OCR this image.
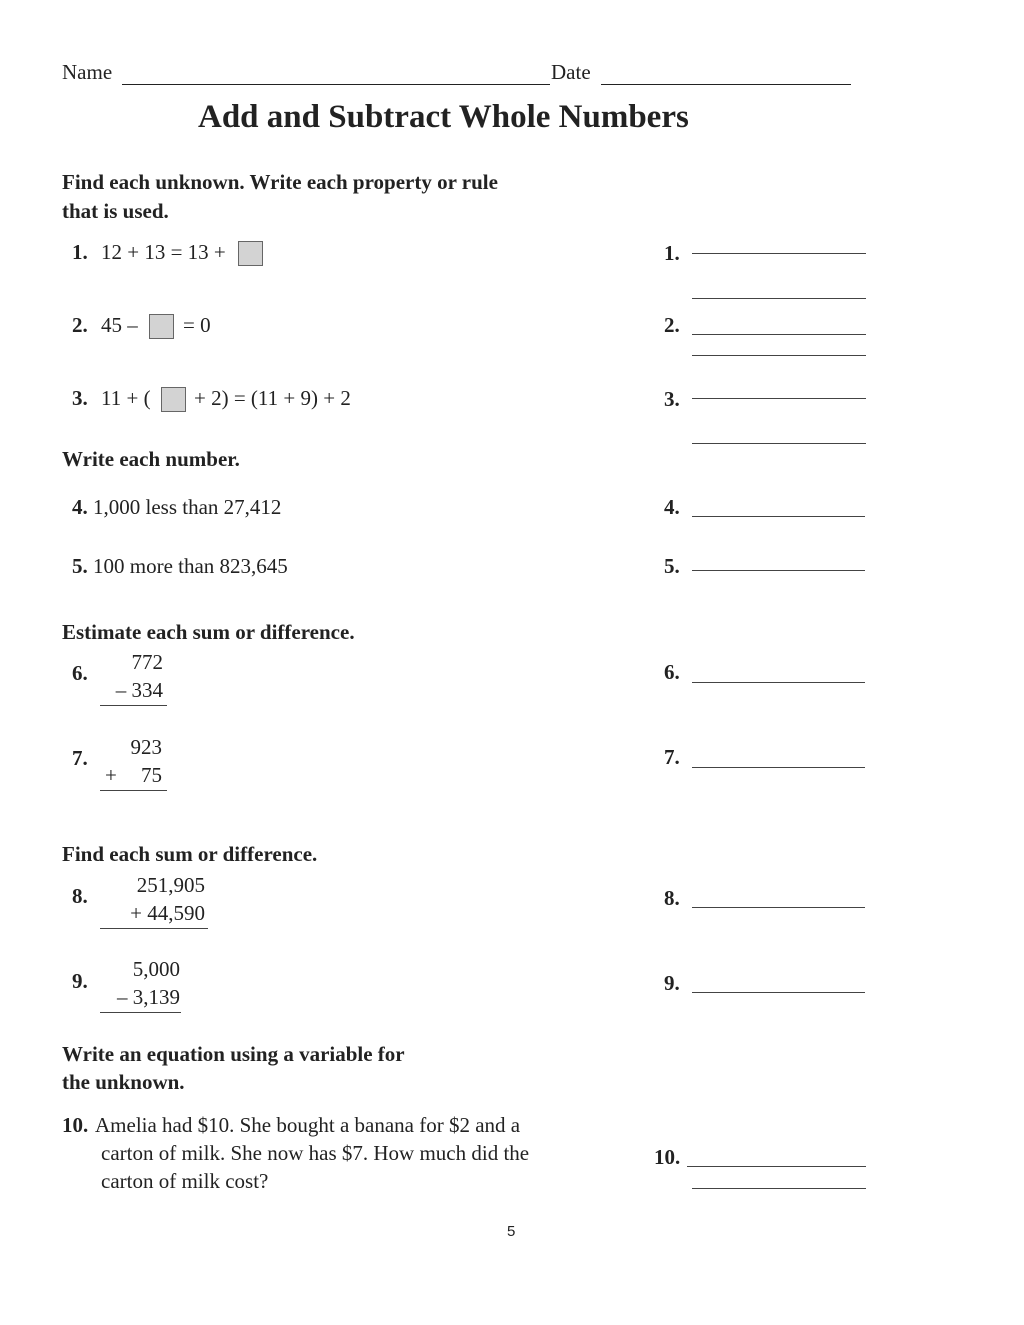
Name	Date
Add and Subtract Whole Numbers
Find each unknown. Write each property or rule
that is used.
1. 12 + 13 = 13 +
2. 45 – = 0
3. 11 + ( + 2) = (11 + 9) + 2
Write each number.
4. 1,000 less than 27,412
5. 100 more than 823,645
Estimate each sum or difference.
6.	772
– 334
7.	923
+	75
Find each sum or difference.
8.	251,905
+ 44,590
9.	5,000
– 3,139
Write an equation using a variable for
the unknown.
10. Amelia had $10. She bought a banana for $2 and a
carton of milk. She now has $7. How much did the
carton of milk cost?
1.
2.
3.
4.
5.
6.
7.
8.
9.
10.
5
